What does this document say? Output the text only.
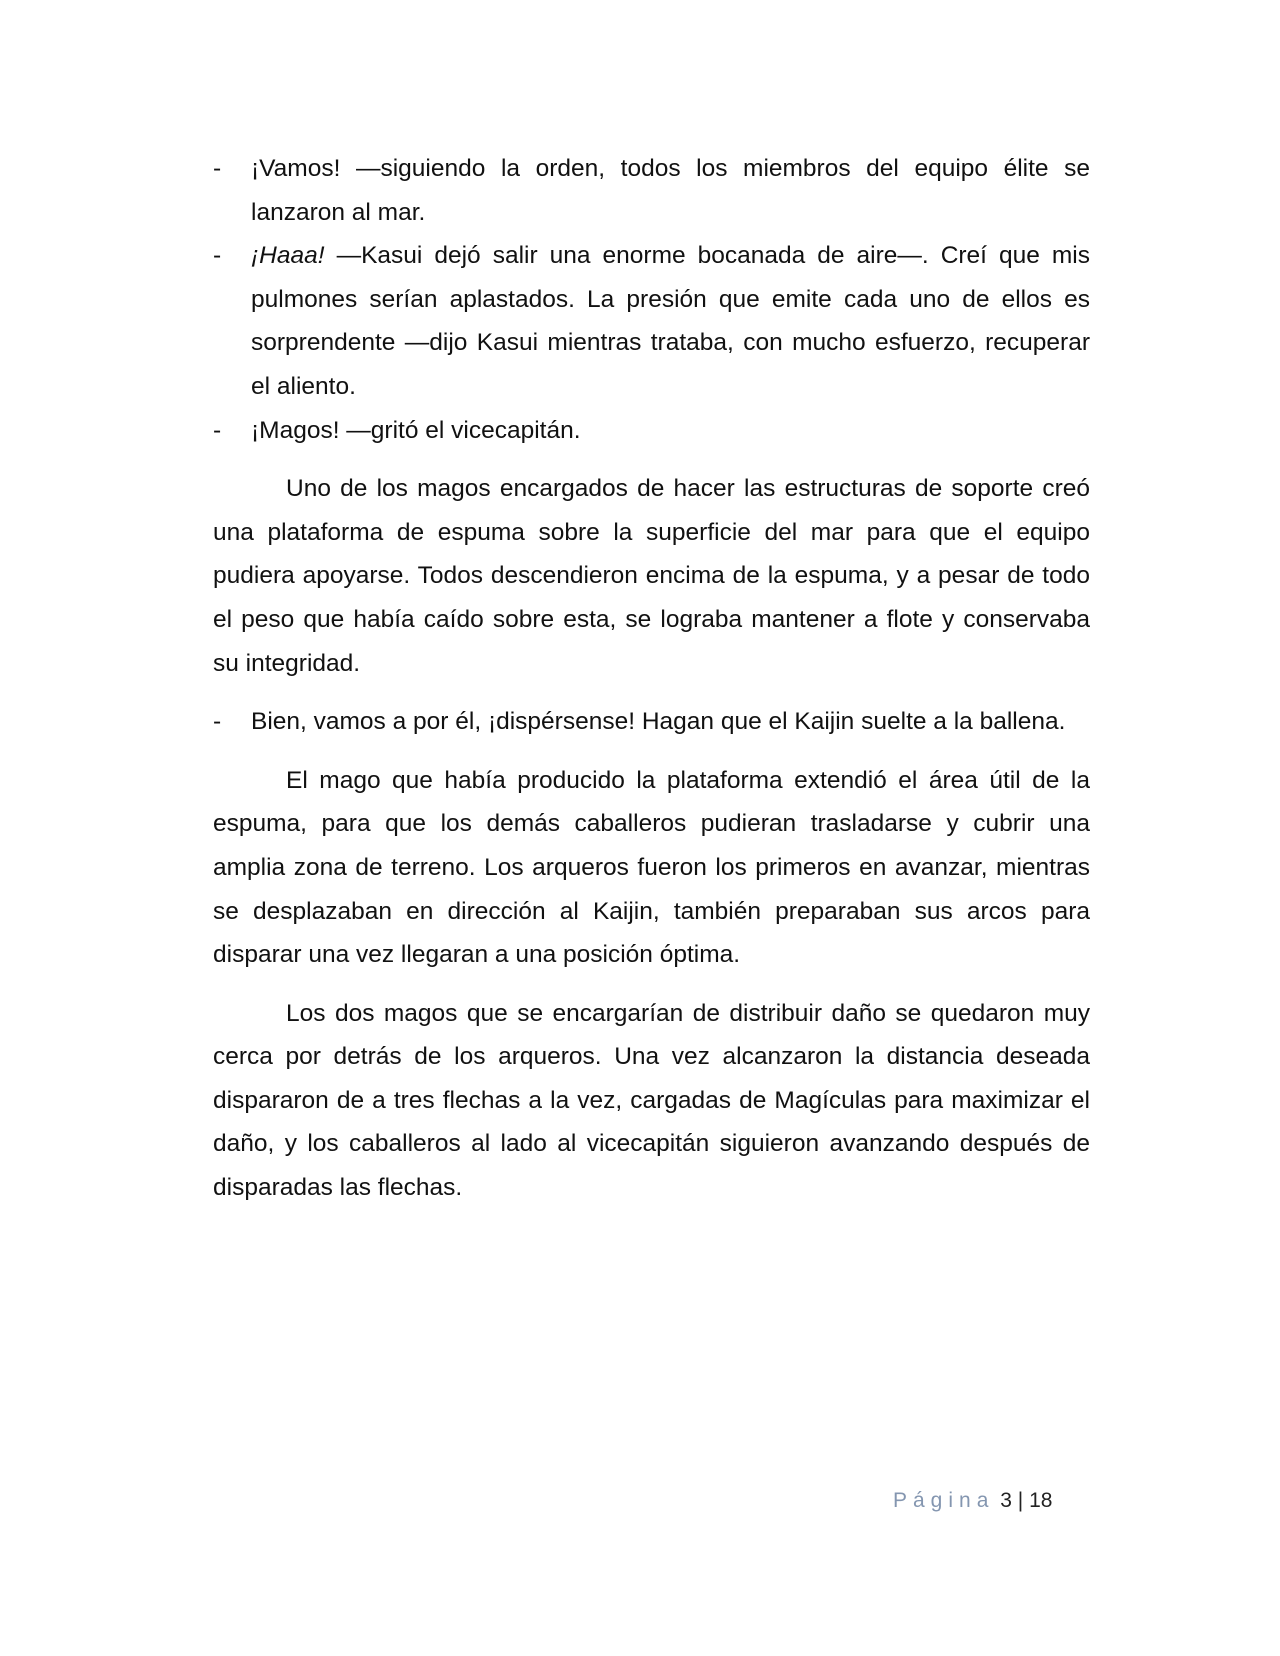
-	¡Vamos! —siguiendo la orden, todos los miembros del equipo élite se lanzaron al mar.
-	¡Haaa! —Kasui dejó salir una enorme bocanada de aire—. Creí que mis pulmones serían aplastados. La presión que emite cada uno de ellos es sorprendente —dijo Kasui mientras trataba, con mucho esfuerzo, recuperar el aliento.
-	¡Magos! —gritó el vicecapitán.
Uno de los magos encargados de hacer las estructuras de soporte creó una plataforma de espuma sobre la superficie del mar para que el equipo pudiera apoyarse. Todos descendieron encima de la espuma, y a pesar de todo el peso que había caído sobre esta, se lograba mantener a flote y conservaba su integridad.
-	Bien, vamos a por él, ¡dispérsense! Hagan que el Kaijin suelte a la ballena.
El mago que había producido la plataforma extendió el área útil de la espuma, para que los demás caballeros pudieran trasladarse y cubrir una amplia zona de terreno. Los arqueros fueron los primeros en avanzar, mientras se desplazaban en dirección al Kaijin, también preparaban sus arcos para disparar una vez llegaran a una posición óptima.
Los dos magos que se encargarían de distribuir daño se quedaron muy cerca por detrás de los arqueros. Una vez alcanzaron la distancia deseada dispararon de a tres flechas a la vez, cargadas de Magículas para maximizar el daño, y los caballeros al lado al vicecapitán siguieron avanzando después de disparadas las flechas.
Página 3 | 18
